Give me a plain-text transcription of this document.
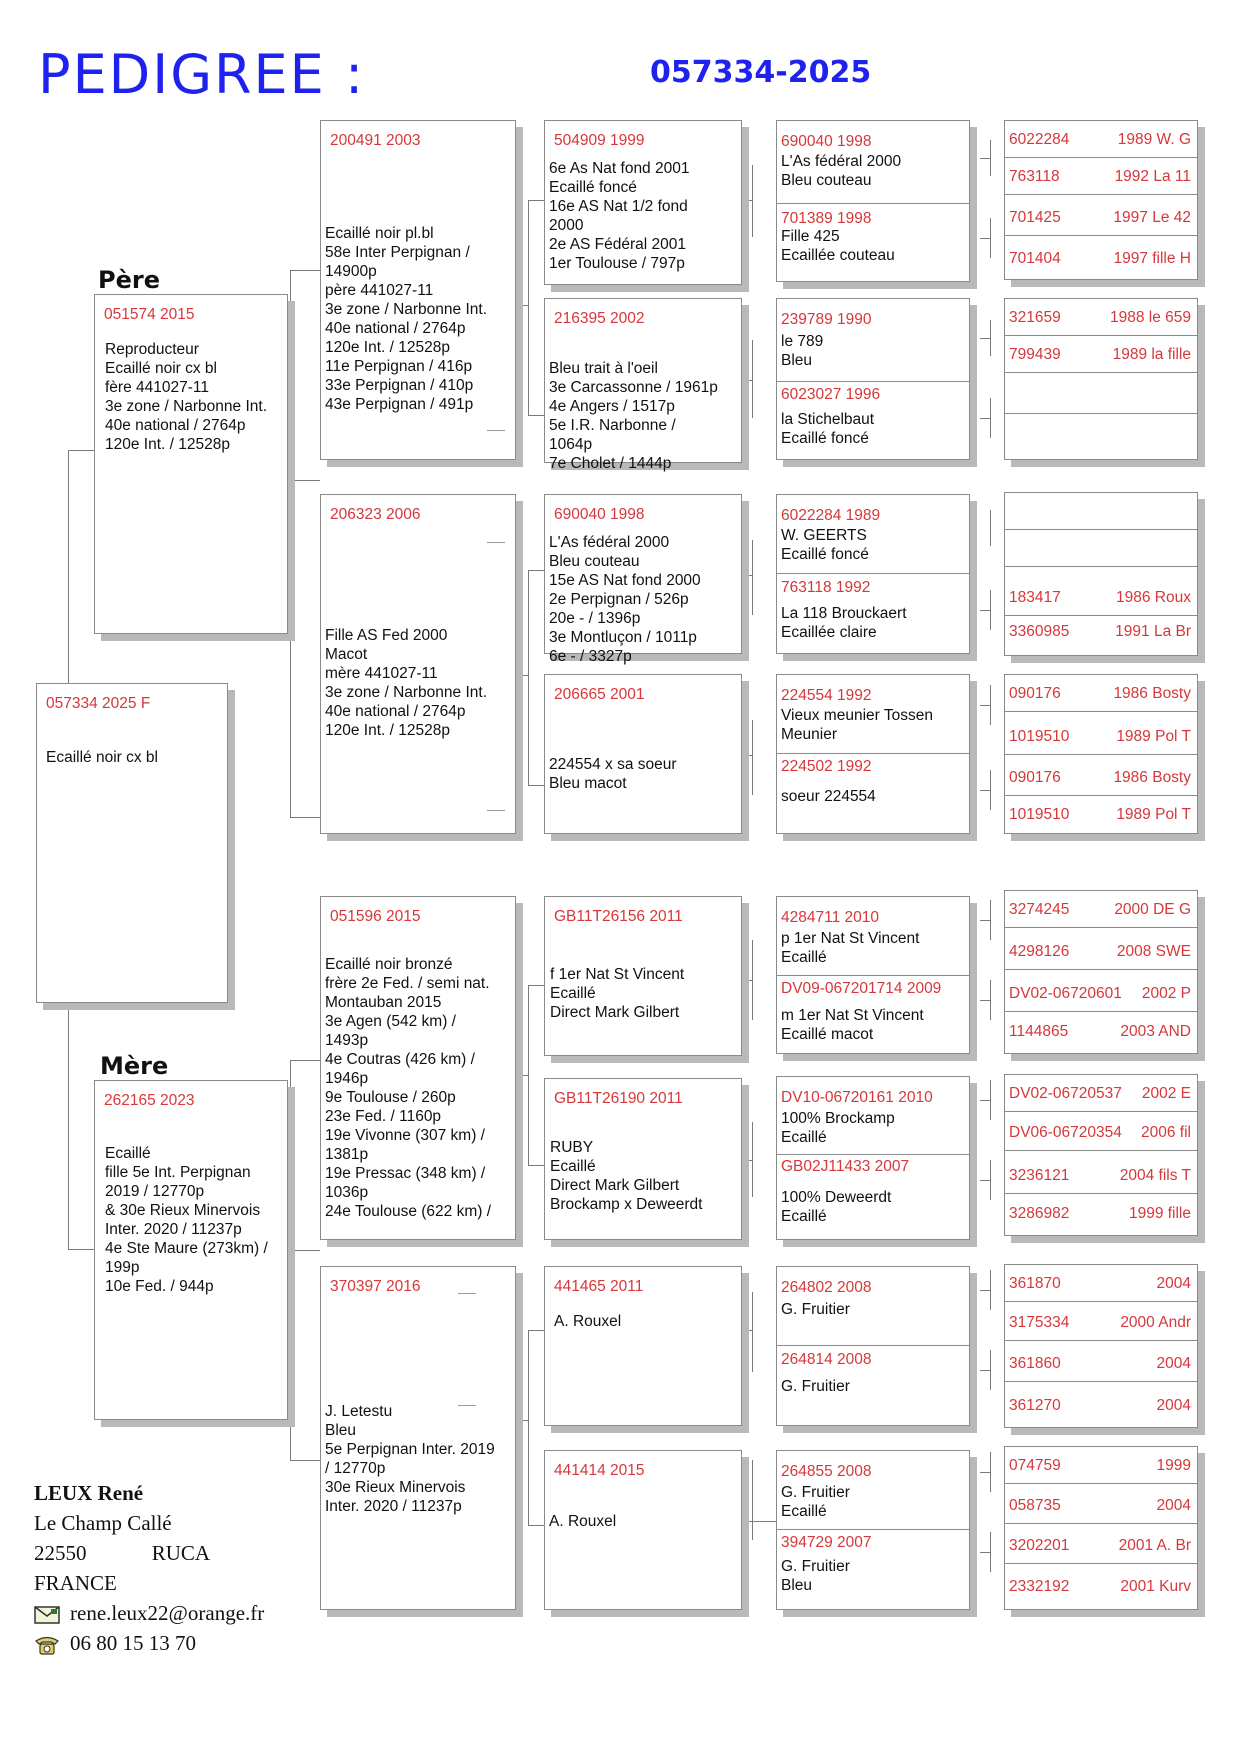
PEDIGREE :	057334-2025
Père
Mère
057334 2025 F
Ecaillé noir cx bl
051574 2015
Reproducteur
Ecaillé noir cx bl
fère 441027-11
3e zone / Narbonne Int.
40e national / 2764p
120e Int. / 12528p
262165 2023
Ecaillé
fille 5e Int. Perpignan
2019 / 12770p
& 30e Rieux Minervois
Inter. 2020 / 11237p
4e Ste Maure (273km) /
199p
10e Fed. / 944p
200491 2003
Ecaillé noir pl.bl
58e Inter Perpignan /
14900p
père 441027-11
3e zone / Narbonne Int.
40e national / 2764p
120e Int. / 12528p
11e Perpignan / 416p
33e Perpignan / 410p
43e Perpignan / 491p
206323 2006
Fille AS Fed 2000
Macot
mère 441027-11
3e zone / Narbonne Int.
40e national / 2764p
120e Int. / 12528p
051596 2015
Ecaillé noir bronzé
frère 2e Fed. / semi nat.
Montauban 2015
3e Agen (542 km) /
1493p
4e Coutras (426 km) /
1946p
9e Toulouse / 260p
23e Fed. / 1160p
19e Vivonne (307 km) /
1381p
19e Pressac (348 km) /
1036p
24e Toulouse (622 km) /
370397 2016
J. Letestu
Bleu
5e Perpignan Inter. 2019
/ 12770p
30e Rieux Minervois
Inter. 2020 / 11237p
504909 1999
6e As Nat fond 2001
Ecaillé foncé
16e AS Nat 1/2 fond
2000
2e AS Fédéral 2001
1er Toulouse / 797p
216395 2002
Bleu trait à l'oeil
3e Carcassonne / 1961p
4e Angers / 1517p
5e I.R. Narbonne /
1064p
7e Cholet / 1444p
690040 1998
L'As fédéral 2000
Bleu couteau
15e AS Nat fond 2000
2e Perpignan / 526p
20e - / 1396p
3e Montluçon / 1011p
6e - / 3327p
206665 2001
224554 x sa soeur
Bleu macot
GB11T26156 2011
f 1er Nat St Vincent
Ecaillé
Direct Mark Gilbert
GB11T26190 2011
RUBY
Ecaillé
Direct Mark Gilbert
Brockamp x Deweerdt
441465 2011
A. Rouxel
441414 2015
A. Rouxel
690040 1998
L'As fédéral 2000
Bleu couteau
701389 1998
Fille 425
Ecaillée couteau
239789 1990
le 789
Bleu
6023027 1996
la Stichelbaut
Ecaillé foncé
6022284 1989
W. GEERTS
Ecaillé foncé
763118 1992
La 118 Brouckaert
Ecaillée claire
224554 1992
Vieux meunier Tossen
Meunier
224502 1992
soeur 224554
4284711 2010
p 1er Nat St Vincent
Ecaillé
DV09-067201714 2009
m 1er Nat St Vincent
Ecaillé macot
DV10-06720161 2010
100% Brockamp
Ecaillé
GB02J11433 2007
100% Deweerdt
Ecaillé
264802 2008
G. Fruitier
264814 2008
G. Fruitier
264855 2008
G. Fruitier
Ecaillé
394729 2007
G. Fruitier
Bleu
6022284	1989 W. G
763118	1992 La 11
701425	1997 Le 42
701404	1997 fille H
321659	1988 le 659
799439	1989 la fille
183417	1986 Roux
3360985	1991 La Br
090176	1986 Bosty
1019510	1989 Pol T
090176	1986 Bosty
1019510	1989 Pol T
3274245	2000 DE G
4298126	2008 SWE
DV02-06720601 2002 P
1144865	2003 AND
DV02-06720537 2002 E
DV06-06720354 2006 fil
3236121	2004 fils T
3286982	1999 fille
361870	2004
3175334	2000 Andr
361860	2004
361270	2004
074759	1999
058735	2004
3202201	2001 A. Br
2332192	2001 Kurv
LEUX René
Le Champ Callé
22550	RUCA
FRANCE
rene.leux22@orange.fr
06 80 15 13 70
